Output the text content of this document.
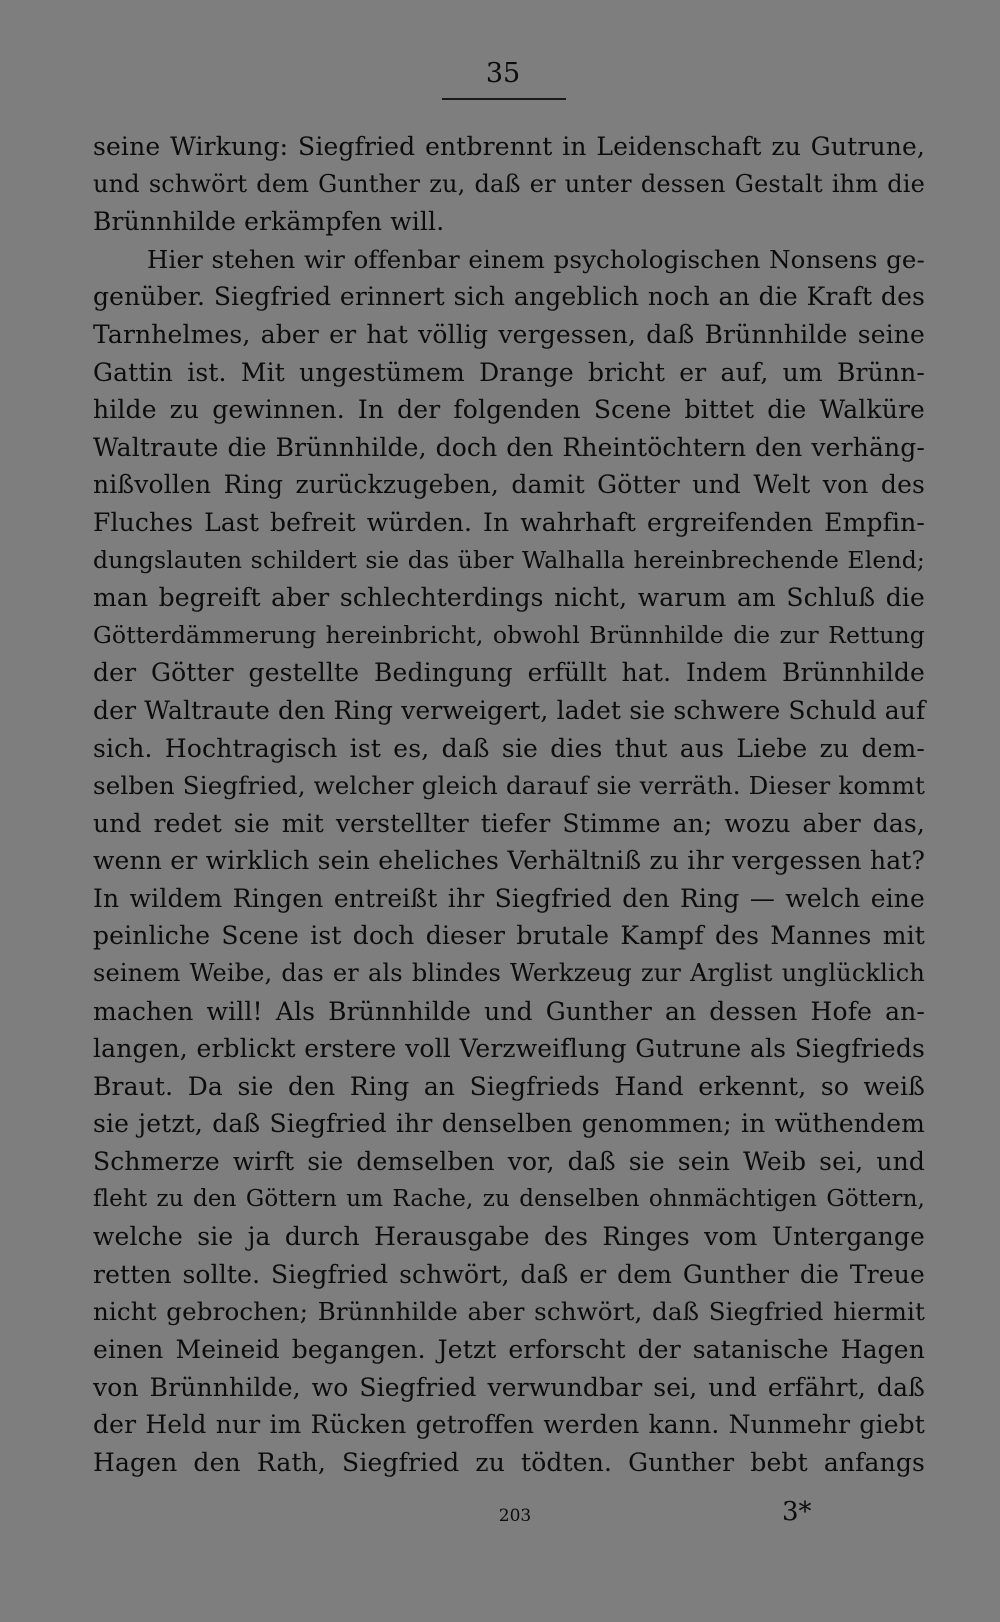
35
seine Wirkung: Siegfried entbrennt in Leidenschaft zu Gutrune,
und schwört dem Gunther zu, daß er unter dessen Gestalt ihm die
Brünnhilde erkämpfen will.
Hier stehen wir offenbar einem psychologischen Nonsens ge-
genüber. Siegfried erinnert sich angeblich noch an die Kraft des
Tarnhelmes, aber er hat völlig vergessen, daß Brünnhilde seine
Gattin ist. Mit ungestümem Drange bricht er auf, um Brünn-
hilde zu gewinnen. In der folgenden Scene bittet die Walküre
Waltraute die Brünnhilde, doch den Rheintöchtern den verhäng-
nißvollen Ring zurückzugeben, damit Götter und Welt von des
Fluches Last befreit würden. In wahrhaft ergreifenden Empfin-
dungslauten schildert sie das über Walhalla hereinbrechende Elend;
man begreift aber schlechterdings nicht, warum am Schluß die
Götterdämmerung hereinbricht, obwohl Brünnhilde die zur Rettung
der Götter gestellte Bedingung erfüllt hat. Indem Brünnhilde
der Waltraute den Ring verweigert, ladet sie schwere Schuld auf
sich. Hochtragisch ist es, daß sie dies thut aus Liebe zu dem-
selben Siegfried, welcher gleich darauf sie verräth. Dieser kommt
und redet sie mit verstellter tiefer Stimme an; wozu aber das,
wenn er wirklich sein eheliches Verhältniß zu ihr vergessen hat?
In wildem Ringen entreißt ihr Siegfried den Ring — welch eine
peinliche Scene ist doch dieser brutale Kampf des Mannes mit
seinem Weibe, das er als blindes Werkzeug zur Arglist unglücklich
machen will! Als Brünnhilde und Gunther an dessen Hofe an-
langen, erblickt erstere voll Verzweiflung Gutrune als Siegfrieds
Braut. Da sie den Ring an Siegfrieds Hand erkennt, so weiß
sie jetzt, daß Siegfried ihr denselben genommen; in wüthendem
Schmerze wirft sie demselben vor, daß sie sein Weib sei, und
fleht zu den Göttern um Rache, zu denselben ohnmächtigen Göttern,
welche sie ja durch Herausgabe des Ringes vom Untergange
retten sollte. Siegfried schwört, daß er dem Gunther die Treue
nicht gebrochen; Brünnhilde aber schwört, daß Siegfried hiermit
einen Meineid begangen. Jetzt erforscht der satanische Hagen
von Brünnhilde, wo Siegfried verwundbar sei, und erfährt, daß
der Held nur im Rücken getroffen werden kann. Nunmehr giebt
Hagen den Rath, Siegfried zu tödten. Gunther bebt anfangs
203	3*
